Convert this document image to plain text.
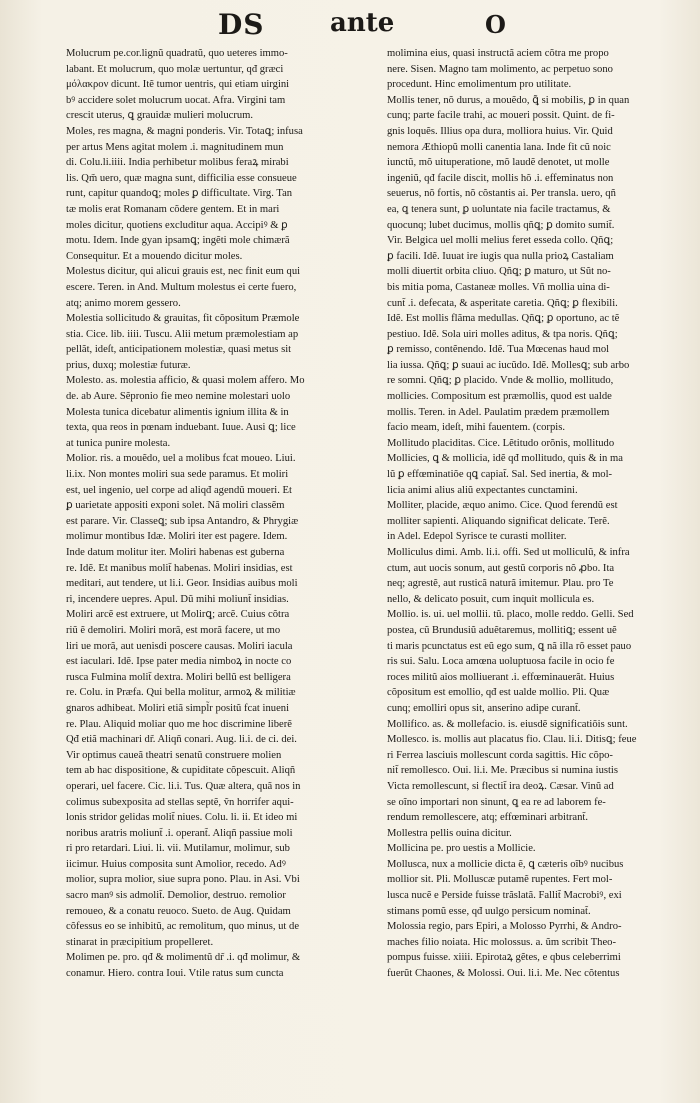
DS	ante	O
Molucrum pe.cor.lignũ quadratũ, quo ueteres immo-
labant. Et molucrum, quo molæ uertuntur, qđ græci
μόλακρον dicunt. Itẽ tumor uentris, qui etiam uirgini
bꝰ accidere solet molucrum uocat. Afra. Virgini tam
crescit uterus, ꝗ grauidæ mulieri molucrum.
Moles, res magna, & magni ponderis. Vir. Totaꝗ; infusa
per artus Mens agitat molem .i. magnitudinem mun
di. Colu.li.iiii. India perhibetur molibus feraꝝ mirabi
lis. Qm̃ uero, quæ magna sunt, difficilia esse consueue
runt, capitur quandoꝗ; moles ꝑ difficultate. Virg. Tan
tæ molis erat Romanam cõdere gentem. Et in mari
moles dicitur, quotiens excluditur aqua. Accipiꝰ & ꝑ
motu. Idem. Inde gyan ipsamꝗ; ingẽti mole chimærã
Consequitur. Et a mouendo dicitur moles.
Molestus dicitur, qui alicui grauis est, nec finit eum qui
escere. Teren. in And. Multum molestus ei certe fuero,
atq; animo morem gessero.
Molestia sollicitudo & grauitas, fit cõpositum Præmole
stia. Cice. lib. iiii. Tuscu. Alii metum præmolestiam ap
pellãt, ideſt, anticipationem molestiæ, quasi metus sit
prius, duxq; molestiæ futuræ.
Molesto. as. molestia afficio, & quasi molem affero. Mo
de. ab Aure. Sẽpronio fie meo nemine molestari uolo
Molesta tunica dicebatur alimentis ignium illita & in
texta, qua reos in pœnam induebant. Iuue. Ausi ꝗ; lice
at tunica punire molesta.
Molior. ris. a mouẽdo, uel a molibus fcat moueo. Liui.
li.ix. Non montes moliri sua sede paramus. Et moliri
est, uel ingenio, uel corpe ad aliqđ agendũ moueri. Et
ꝑ uarietate appositi exponi solet. Nã moliri classẽm
est parare. Vir. Classeꝗ; sub ipsa Antandro, & Phrygiæ
molimur montibus Idæ. Moliri iter est pagere. Idem.
Inde datum molitur iter. Moliri habenas est guberna
re. Idẽ. Et manibus molit̃ habenas. Moliri insidias, est
meditari, aut tendere, ut li.i. Geor. Insidias auibus moli
ri, incendere uepres. Apul. Dũ mihi moliunt̃ insidias.
Moliri arcẽ est extruere, ut Molirꝗ; arcẽ. Cuius cõtra
riũ ẽ demoliri. Moliri morã, est morã facere, ut mo
liri ue morã, aut uenisdi poscere causas. Moliri iacula
est iaculari. Idẽ. Ipse pater media nimboꝝ in nocte co
rusca Fulmina molit̃ dextra. Moliri bellũ est belligera
re. Colu. in Præfa. Qui bella molitur, armoꝝ & militiæ
gnaros adhibeat. Moliri etiã simpl̃r positũ fcat inueni
re. Plau. Aliquid moliar quo me hoc discrimine liberẽ
Qđ etiã machinari dr̃. Aliqñ conari. Aug. li.i. de ci. dei.
Vir optimus caueã theatri senatũ construere molien
tem ab hac dispositione, & cupiditate cõpescuit. Aliqñ
operari, uel facere. Cic. li.i. Tus. Quæ altera, quã nos in
colimus subexposita ad stellas septẽ, ṽn horrifer aqui-
lonis stridor gelidas molit̃ niues. Colu. li. ii. Et ideo mi
noribus aratris moliunt̃ .i. operant̃. Aliqñ passiue moli
ri pro retardari. Liui. li. vii. Mutilamur, molimur, sub
iicimur. Huius composita sunt Amolior, recedo. Adꝰ
molior, supra molior, siue supra pono. Plau. in Asi. Vbi
sacro manꝰ sis admolit̃. Demolior, destruo. remolior
remoueo, & a conatu reuoco. Sueto. de Aug. Quidam
cõfessus eo se inhibitũ, ac remolitum, quo minus, ut de
stinarat in præcipitium propelleret.
Molimen pe. pro. qđ & molimentũ dr̃ .i. qđ molimur, &
conamur. Hiero. contra Ioui. Vtile ratus sum cuncta
molimina eius, quasi instructã aciem cõtra me propo
nere. Sisen. Magno tam molimento, ac perpetuo sono
procedunt. Hinc emolimentum pro utilitate.
Mollis tener, nõ durus, a mouẽdo, ꝗ̃ si mobilis, ꝑ in quan
cunq; parte facile trahi, ac moueri possit. Quint. de fi-
gnis loquẽs. Illius opa dura, molliora huius. Vir. Quid
nemora Æthiopũ molli canentia lana. Inde fit cũ noic
iunctũ, mõ uituperatione, mõ laudẽ denotet, ut molle
ingeniũ, qđ facile discit, mollis hõ .i. effeminatus non
seuerus, nõ fortis, nõ cõstantis ai. Per transla. uero, qñ
ea, ꝗ tenera sunt, ꝑ uoluntate nia facile tractamus, &
quocunq; lubet ducimus, mollis qñꝗ; ꝑ domito sumit̃.
Vir. Belgica uel molli melius feret esseda collo. Qñꝗ;
ꝑ facili. Idẽ. Iuuat ire iugis qua nulla prioꝝ Castaliam
molli diuertit orbita cliuo. Qñꝗ; ꝑ maturo, ut Sũt no-
bis mitia poma, Castaneæ molles. Vñ mollia uina di-
cunt̃ .i. defecata, & asperitate caretia. Qñꝗ; ꝑ flexibili.
Idẽ. Est mollis flãma medullas. Qñꝗ; ꝑ oportuno, ac tẽ
pestiuo. Idẽ. Sola uiri molles aditus, & tpa noris. Qñꝗ;
ꝑ remisso, contẽnendo. Idẽ. Tua Mœcenas haud mol
lia iussa. Qñꝗ; ꝑ suaui ac iucũdo. Idẽ. Mollesꝗ; sub arbo
re somni. Qñꝗ; ꝑ placido. Vnde & mollio, mollitudo,
mollicies. Compositum est præmollis, quod est ualde
mollis. Teren. in Adel. Paulatim prædem præmollem
facio meam, ideſt, mihi fauentem. (corpis.
Mollitudo placiditas. Cice. Lẽtitudo orõnis, mollitudo
Mollicies, ꝗ & mollicia, idẽ qđ mollitudo, quis & in ma
lũ ꝑ effœminatiõe qꝗ capiat̃. Sal. Sed inertia, & mol-
licia animi alius aliũ expectantes cunctamini.
Molliter, placide, æquo animo. Cice. Quod ferendũ est
molliter sapienti. Aliquando significat delicate. Terẽ.
in Adel. Edepol Syrisce te curasti molliter.
Molliculus dimi. Amb. li.i. offi. Sed ut molliculũ, & infra
ctum, aut uocis sonum, aut gestũ corporis nõ ꝓbo. Ita
neq; agrestẽ, aut rusticã naturã imitemur. Plau. pro Te
nello, & delicato posuit, cum inquit mollicula es.
Mollio. is. ui. uel mollii. tũ. placo, molle reddo. Gelli. Sed
postea, cũ Brundusiũ aduẽtaremus, mollitiꝗ; essent uẽ
ti maris pcunctatus est eũ ego sum, ꝗ nã illa rõ esset pauo
ris sui. Salu. Loca amœna uoluptuosa facile in ocio fe
roces militũ aios molliuerant .i. effœminauerãt. Huius
cõpositum est emollio, qđ est ualde mollio. Pli. Quæ
cunq; emolliri opus sit, anserino adipe curant̃.
Mollifico. as. & mollefacio. is. eiusdẽ significatiõis sunt.
Mollesco. is. mollis aut placatus fio. Clau. li.i. Ditisꝗ; feue
ri Ferrea lasciuis mollescunt corda sagittis. Hic cõpo-
nit̃ remollesco. Oui. li.i. Me. Præcibus si numina iustis
Victa remollescunt, si flectit̃ ira deoꝝ. Cæsar. Vinũ ad
se oĩno importari non sinunt, ꝗ ea re ad laborem fe-
rendum remollescere, atq; effœminari arbitrant̃.
Mollestra pellis ouina dicitur.
Mollicina pe. pro uestis a Mollicie.
Mollusca, nux a mollicie dicta ẽ, ꝗ cæteris oĩbꝰ nucibus
mollior sit. Pli. Molluscæ putamẽ rupentes. Fert mol-
lusca nucẽ e Perside fuisse trãslatã. Fallit̃ Macrobiꝰ, exi
stimans pomũ esse, qđ uulgo persicum nominat̃.
Molossia regio, pars Epiri, a Molosso Pyrrhi, & Andro-
maches filio noiata. Hic molossus. a. ũm scribit Theo-
pompus fuisse. xiiii. Epirotaꝝ gẽtes, e qbus celeberrimi
fuerũt Chaones, & Molossi. Oui. li.i. Me. Nec cõtentus
